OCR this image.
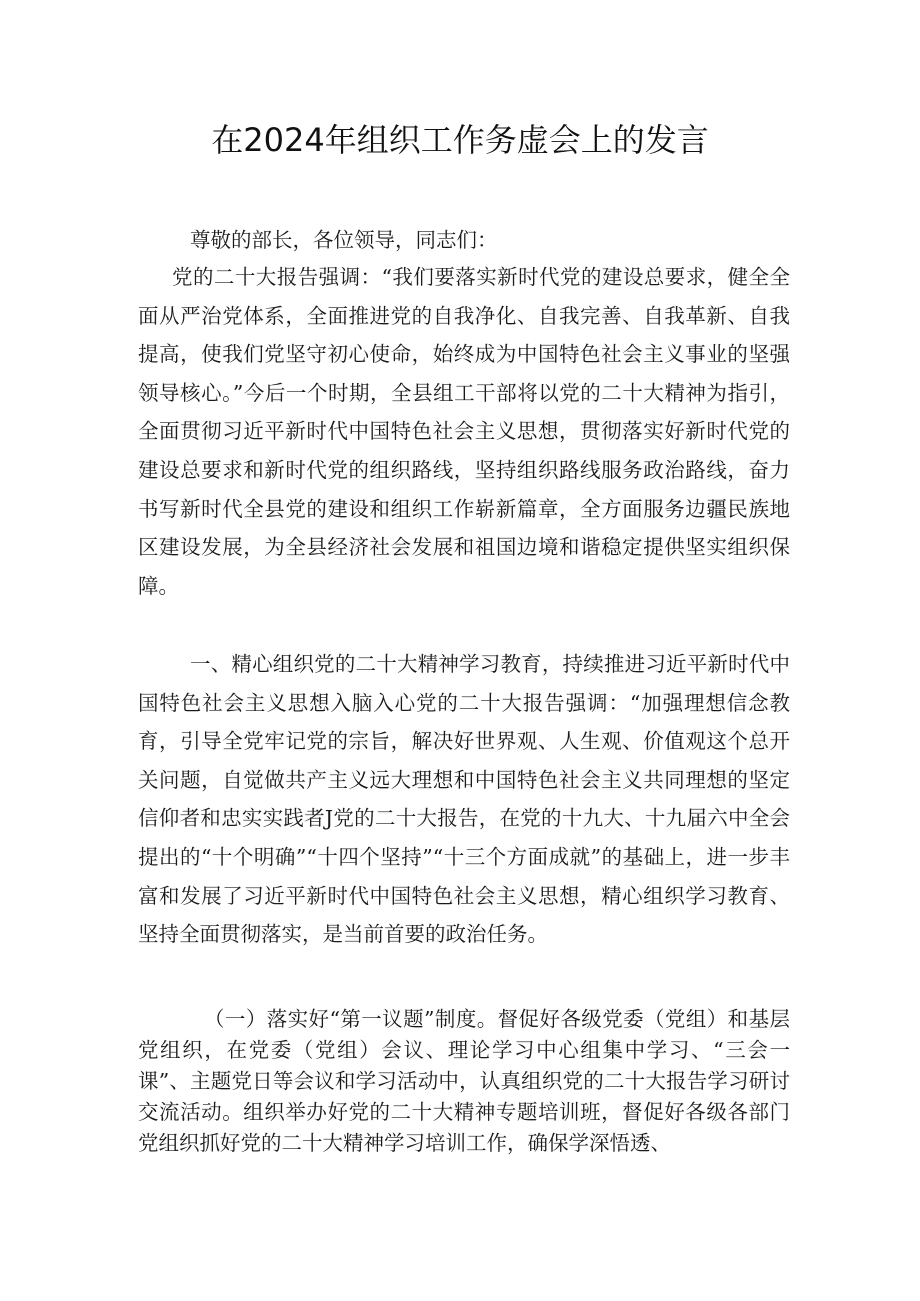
在2024年组织工作务虚会上的发言

尊敬的部长，各位领导，同志们：

党的二十大报告强调：“我们要落实新时代党的建设总要求，健全全面从严治党体系，全面推进党的自我净化、自我完善、自我革新、自我提高，使我们党坚守初心使命，始终成为中国特色社会主义事业的坚强领导核心。”今后一个时期，全县组工干部将以党的二十大精神为指引，全面贯彻习近平新时代中国特色社会主义思想，贯彻落实好新时代党的建设总要求和新时代党的组织路线，坚持组织路线服务政治路线，奋力书写新时代全县党的建设和组织工作崭新篇章，全方面服务边疆民族地区建设发展，为全县经济社会发展和祖国边境和谐稳定提供坚实组织保障。

一、精心组织党的二十大精神学习教育，持续推进习近平新时代中国特色社会主义思想入脑入心党的二十大报告强调：“加强理想信念教育，引导全党牢记党的宗旨，解决好世界观、人生观、价值观这个总开关问题，自觉做共产主义远大理想和中国特色社会主义共同理想的坚定信仰者和忠实实践者J党的二十大报告，在党的十九大、十九届六中全会提出的“十个明确”“十四个坚持”“十三个方面成就”的基础上，进一步丰富和发展了习近平新时代中国特色社会主义思想，精心组织学习教育、坚持全面贯彻落实，是当前首要的政治任务。

（一）落实好“第一议题”制度。督促好各级党委（党组）和基层党组织，在党委（党组）会议、理论学习中心组集中学习、“三会一课”、主题党日等会议和学习活动中，认真组织党的二十大报告学习研讨交流活动。组织举办好党的二十大精神专题培训班，督促好各级各部门党组织抓好党的二十大精神学习培训工作，确保学深悟透、
